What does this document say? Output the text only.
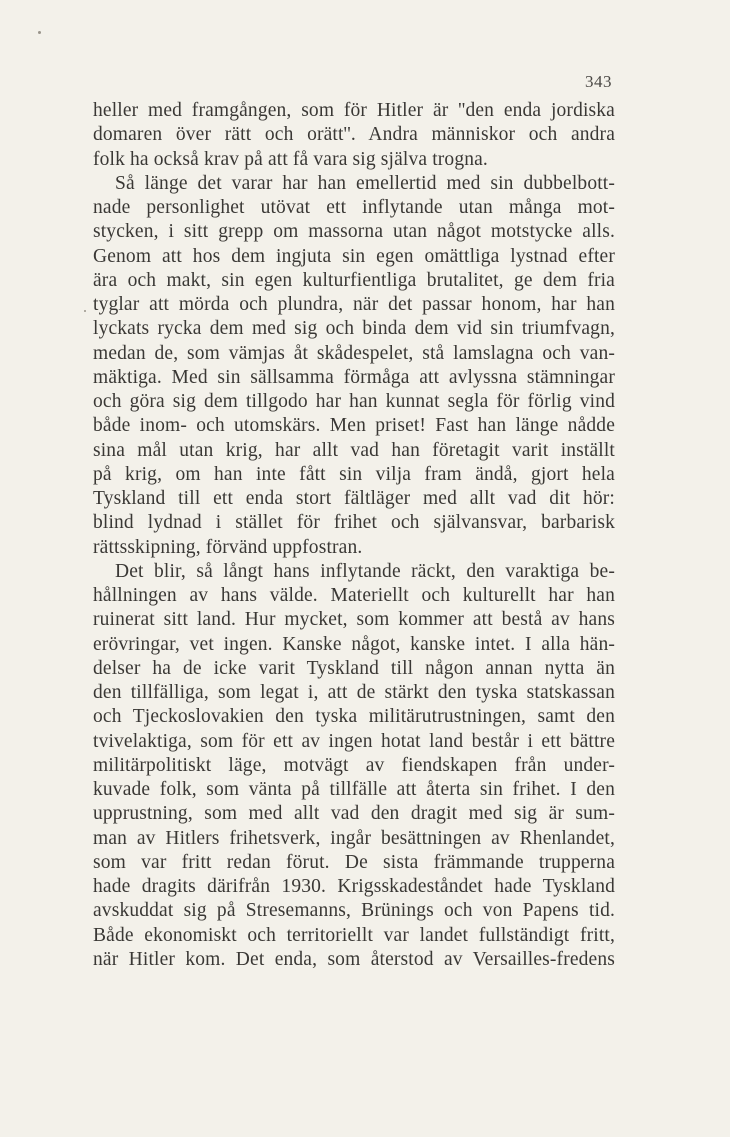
343
heller med framgången, som för Hitler är ''den enda jordiska
domaren över rätt och orätt''. Andra människor och andra
folk ha också krav på att få vara sig själva trogna.
Så länge det varar har han emellertid med sin dubbelbott-
nade personlighet utövat ett inflytande utan många mot-
stycken, i sitt grepp om massorna utan något motstycke alls.
Genom att hos dem ingjuta sin egen omättliga lystnad efter
ära och makt, sin egen kulturfientliga brutalitet, ge dem fria
tyglar att mörda och plundra, när det passar honom, har han
lyckats rycka dem med sig och binda dem vid sin triumfvagn,
medan de, som vämjas åt skådespelet, stå lamslagna och van-
mäktiga. Med sin sällsamma förmåga att avlyssna stämningar
och göra sig dem tillgodo har han kunnat segla för förlig vind
både inom- och utomskärs. Men priset! Fast han länge nådde
sina mål utan krig, har allt vad han företagit varit inställt
på krig, om han inte fått sin vilja fram ändå, gjort hela
Tyskland till ett enda stort fältläger med allt vad dit hör:
blind lydnad i stället för frihet och självansvar, barbarisk
rättsskipning, förvänd uppfostran.
Det blir, så långt hans inflytande räckt, den varaktiga be-
hållningen av hans välde. Materiellt och kulturellt har han
ruinerat sitt land. Hur mycket, som kommer att bestå av hans
erövringar, vet ingen. Kanske något, kanske intet. I alla hän-
delser ha de icke varit Tyskland till någon annan nytta än
den tillfälliga, som legat i, att de stärkt den tyska statskassan
och Tjeckoslovakien den tyska militärutrustningen, samt den
tvivelaktiga, som för ett av ingen hotat land består i ett bättre
militärpolitiskt läge, motvägt av fiendskapen från under-
kuvade folk, som vänta på tillfälle att återta sin frihet. I den
upprustning, som med allt vad den dragit med sig är sum-
man av Hitlers frihetsverk, ingår besättningen av Rhenlandet,
som var fritt redan förut. De sista främmande trupperna
hade dragits därifrån 1930. Krigsskadeståndet hade Tyskland
avskuddat sig på Stresemanns, Brünings och von Papens tid.
Både ekonomiskt och territoriellt var landet fullständigt fritt,
när Hitler kom. Det enda, som återstod av Versailles-fredens
